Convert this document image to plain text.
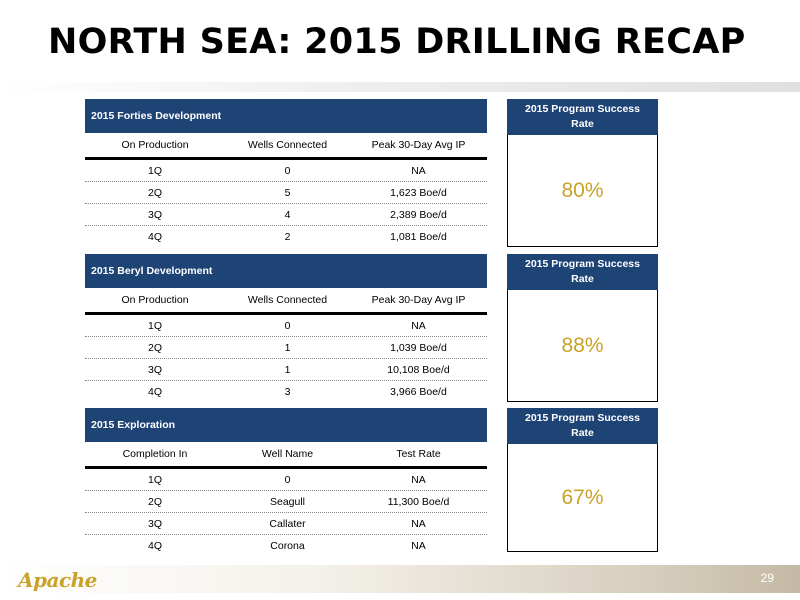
NORTH SEA: 2015 DRILLING RECAP
2015 Forties Development
On Production	Wells Connected	Peak 30-Day Avg IP
1Q	0	NA
2Q	5	1,623 Boe/d
3Q	4	2,389 Boe/d
4Q	2	1,081 Boe/d
2015 Program Success Rate
80%
2015 Beryl Development
On Production	Wells Connected	Peak 30-Day Avg IP
1Q	0	NA
2Q	1	1,039 Boe/d
3Q	1	10,108 Boe/d
4Q	3	3,966 Boe/d
2015 Program Success Rate
88%
2015 Exploration
Completion In	Well Name	Test Rate
1Q	0	NA
2Q	Seagull	11,300 Boe/d
3Q	Callater	NA
4Q	Corona	NA
2015 Program Success Rate
67%
Apache	29
